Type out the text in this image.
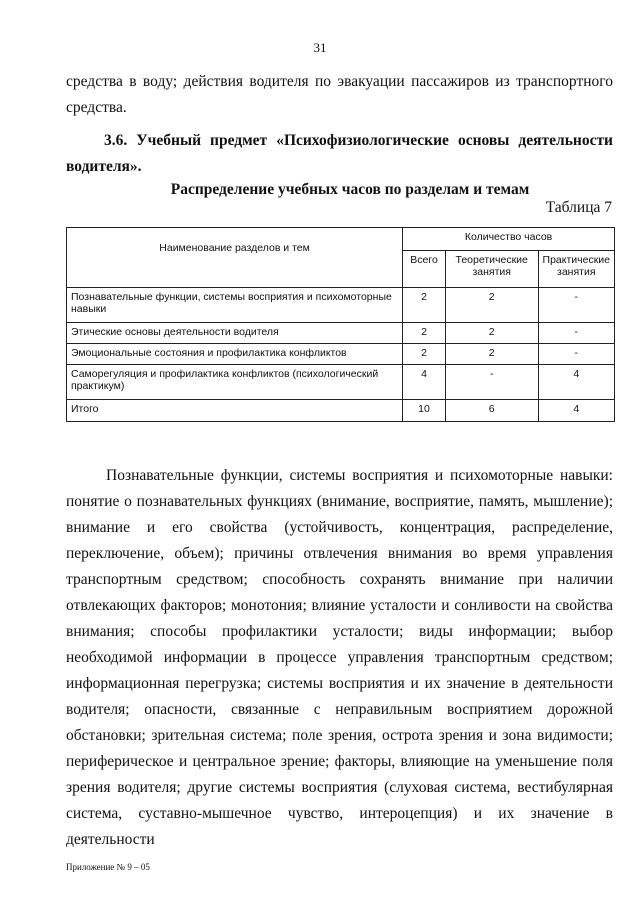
31
средства в воду; действия водителя по эвакуации пассажиров из транспортного средства.
3.6. Учебный предмет «Психофизиологические основы деятельности водителя».
Распределение учебных часов по разделам и темам
Таблица 7
Наименование разделов и тем	Количество часов		
	Всего	Теоретические занятия	Практические занятия
Познавательные функции, системы восприятия и психомоторные навыки	2	2	-
Этические основы деятельности водителя	2	2	-
Эмоциональные состояния и профилактика конфликтов	2	2	-
Саморегуляция и профилактика конфликтов (психологический практикум)	4	-	4
Итого	10	6	4
Познавательные функции, системы восприятия и психомоторные навыки: понятие о познавательных функциях (внимание, восприятие, память, мышление); внимание и его свойства (устойчивость, концентрация, распределение, переключение, объем); причины отвлечения внимания во время управления транспортным средством; способность сохранять внимание при наличии отвлекающих факторов; монотония; влияние усталости и сонливости на свойства внимания; способы профилактики усталости; виды информации; выбор необходимой информации в процессе управления транспортным средством; информационная перегрузка; системы восприятия и их значение в деятельности водителя; опасности, связанные с неправильным восприятием дорожной обстановки; зрительная система; поле зрения, острота зрения и зона видимости; периферическое и центральное зрение; факторы, влияющие на уменьшение поля зрения водителя; другие системы восприятия (слуховая система, вестибулярная система, суставно-мышечное чувство, интероцепция) и их значение в деятельности
Приложение № 9 – 05
